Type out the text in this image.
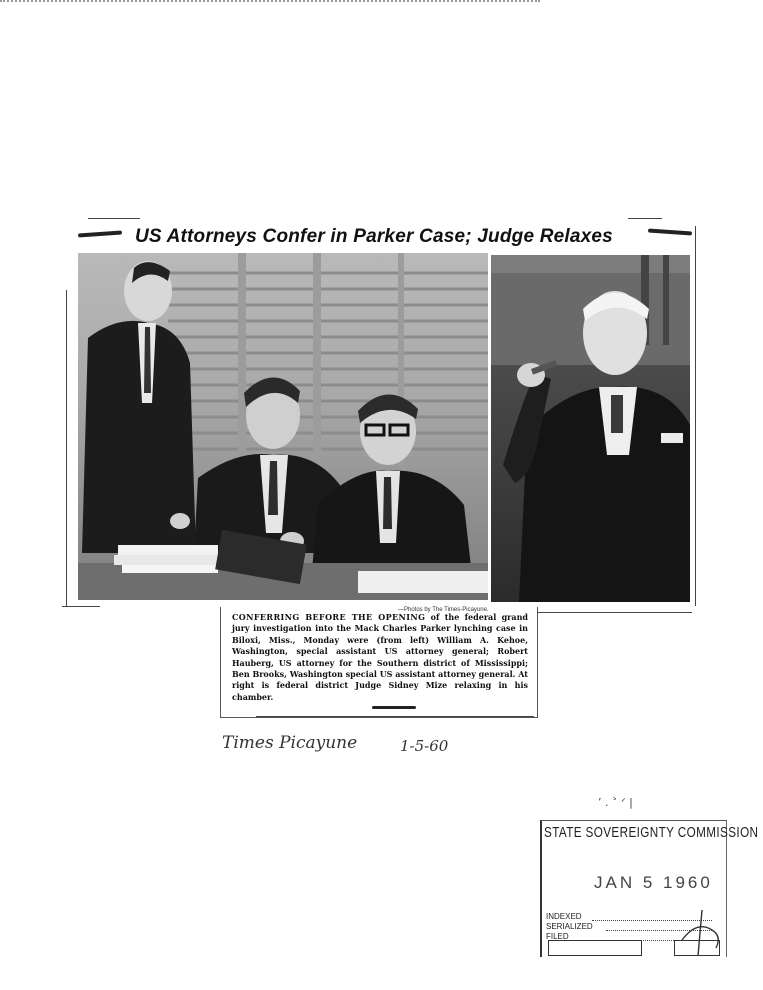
US Attorneys Confer in Parker Case; Judge Relaxes

—Photos by The Times-Picayune.

CONFERRING BEFORE THE OPENING of the federal grand jury investigation into the Mack Charles Parker lynching case in Biloxi, Miss., Monday were (from left) William A. Kehoe, Washington, special assistant US attorney general; Robert Hauberg, US attorney for the Southern district of Mississippi; Ben Brooks, Washington special US assistant attorney general. At right is federal district Judge Sidney Mize relaxing in his chamber.

Times Picayune	1-5-60

ʼ . ˃ ᐟ |

STATE SOVEREIGNTY COMMISSION

JAN 5 1960

INDEXED

SERIALIZED

FILED
